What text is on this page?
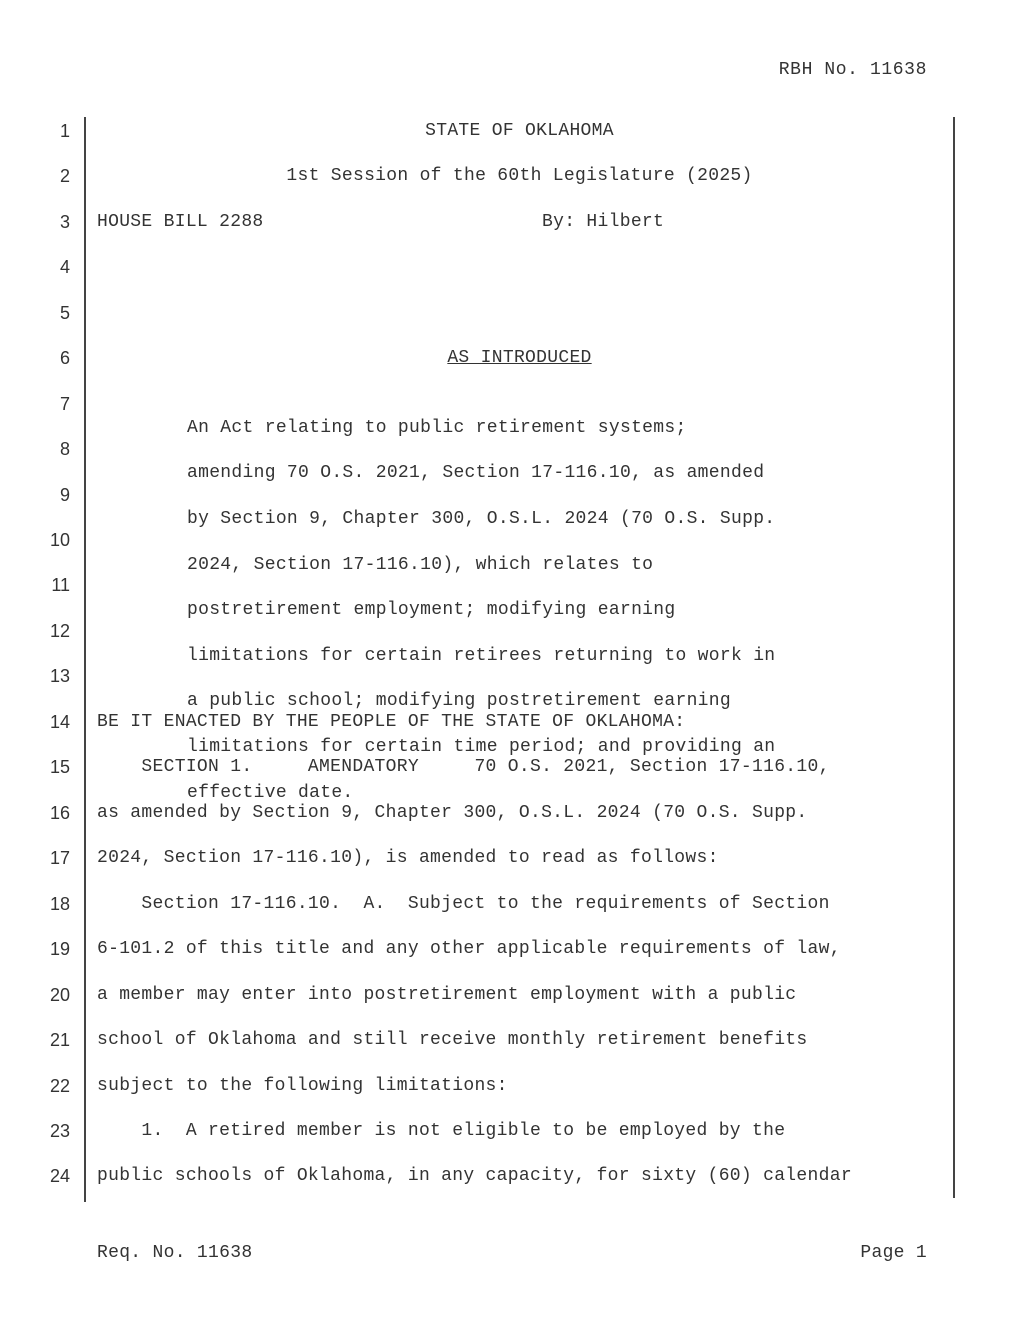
RBH No. 11638
1
2
3
4
5
6
7
8
9
10
11
12
13
14
15
16
17
18
19
20
21
22
23
24
STATE OF OKLAHOMA
1st Session of the 60th Legislature (2025)
HOUSE BILL 2288	By: Hilbert
AS INTRODUCED

An Act relating to public retirement systems;

amending 70 O.S. 2021, Section 17-116.10, as amended

by Section 9, Chapter 300, O.S.L. 2024 (70 O.S. Supp.

2024, Section 17-116.10), which relates to

postretirement employment; modifying earning

limitations for certain retirees returning to work in

a public school; modifying postretirement earning

limitations for certain time period; and providing an

effective date.

BE IT ENACTED BY THE PEOPLE OF THE STATE OF OKLAHOMA:
SECTION 1.     AMENDATORY     70 O.S. 2021, Section 17-116.10,
as amended by Section 9, Chapter 300, O.S.L. 2024 (70 O.S. Supp.
2024, Section 17-116.10), is amended to read as follows:
Section 17-116.10.  A.  Subject to the requirements of Section
6-101.2 of this title and any other applicable requirements of law,
a member may enter into postretirement employment with a public
school of Oklahoma and still receive monthly retirement benefits
subject to the following limitations:
1.  A retired member is not eligible to be employed by the
public schools of Oklahoma, in any capacity, for sixty (60) calendar
Req. No. 11638	Page 1
